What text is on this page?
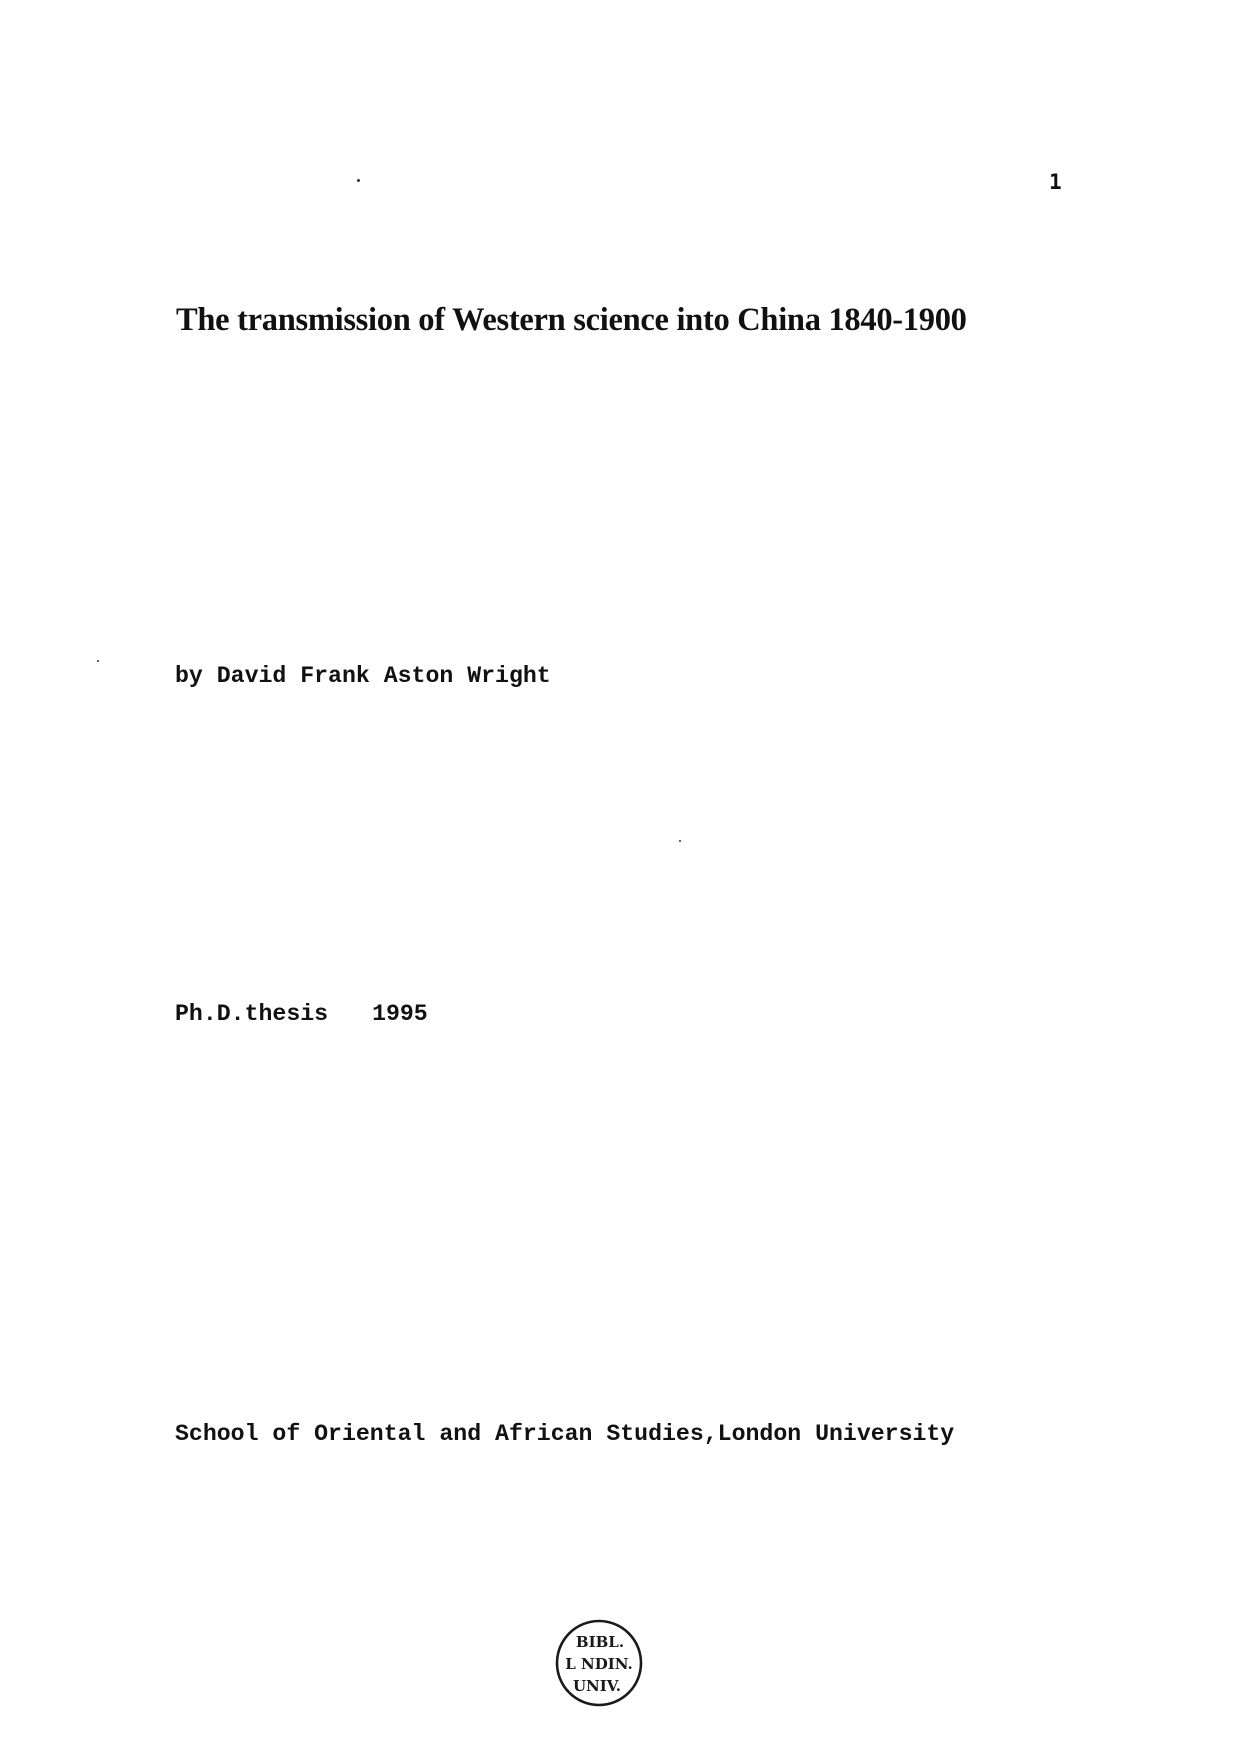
1
The transmission of Western science into China 1840-1900
by David Frank Aston Wright
Ph.D.thesis 1995
School of Oriental and African Studies,London University
BIBL.
L NDIN.
UNIV.
